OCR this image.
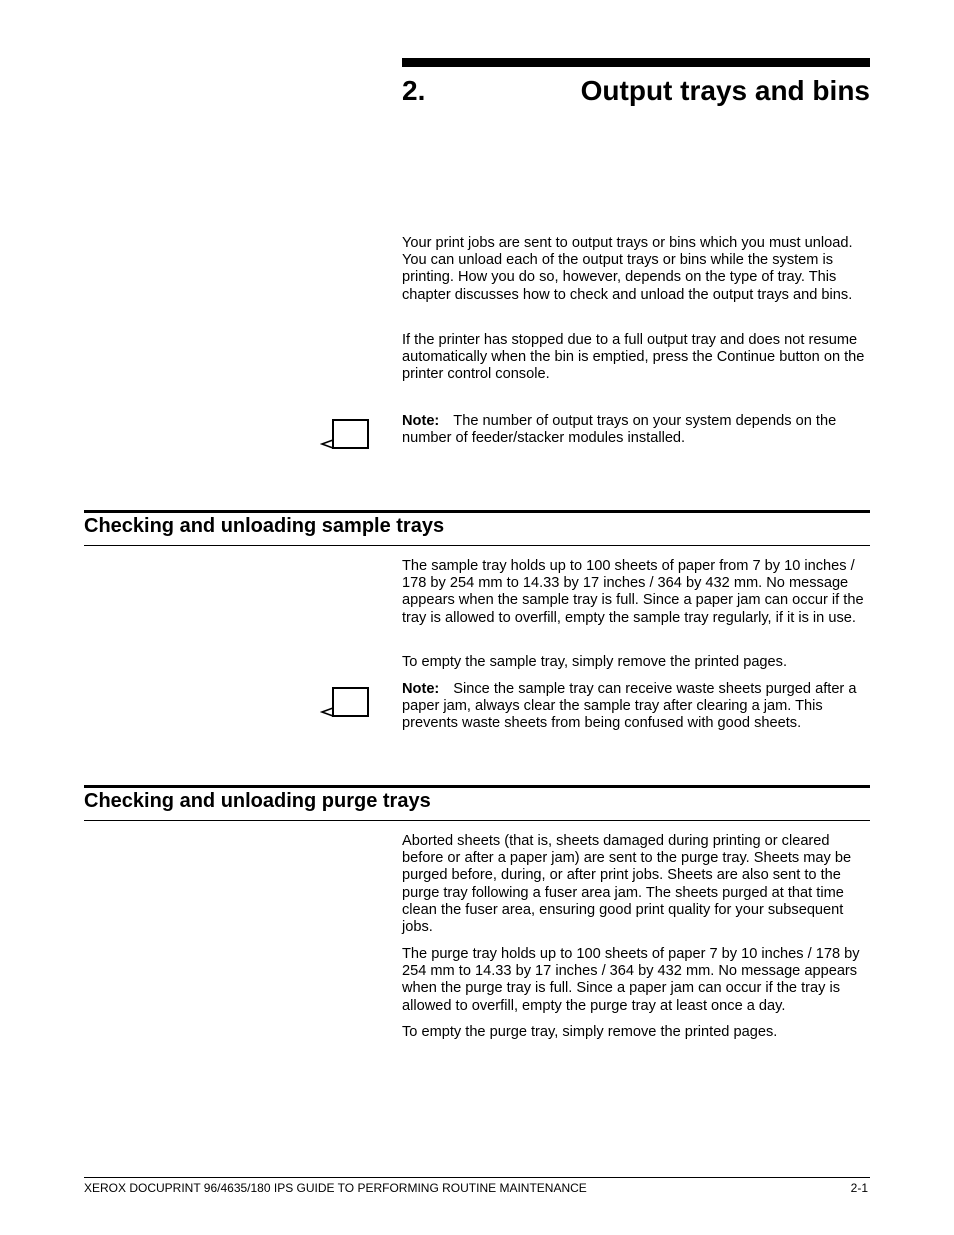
2.	Output trays and bins

Your print jobs are sent to output trays or bins which you must unload. You can unload each of the output trays or bins while the system is printing. How you do so, however, depends on the type of tray. This chapter discusses how to check and unload the output trays and bins.

If the printer has stopped due to a full output tray and does not resume automatically when the bin is emptied, press the Continue button on the printer control console.

Note: The number of output trays on your system depends on the number of feeder/stacker modules installed.

Checking and unloading sample trays

The sample tray holds up to 100 sheets of paper from 7 by 10 inches / 178 by 254 mm to 14.33 by 17 inches / 364 by 432 mm. No message appears when the sample tray is full. Since a paper jam can occur if the tray is allowed to overfill, empty the sample tray regularly, if it is in use.

To empty the sample tray, simply remove the printed pages.

Note: Since the sample tray can receive waste sheets purged after a paper jam, always clear the sample tray after clearing a jam. This prevents waste sheets from being confused with good sheets.

Checking and unloading purge trays

Aborted sheets (that is, sheets damaged during printing or cleared before or after a paper jam) are sent to the purge tray. Sheets may be purged before, during, or after print jobs. Sheets are also sent to the purge tray following a fuser area jam. The sheets purged at that time clean the fuser area, ensuring good print quality for your subsequent jobs.

The purge tray holds up to 100 sheets of paper 7 by 10 inches / 178 by 254 mm to 14.33 by 17 inches / 364 by 432 mm. No message appears when the purge tray is full. Since a paper jam can occur if the tray is allowed to overfill, empty the purge tray at least once a day.

To empty the purge tray, simply remove the printed pages.

XEROX DOCUPRINT 96/4635/180 IPS GUIDE TO PERFORMING ROUTINE MAINTENANCE	2-1
